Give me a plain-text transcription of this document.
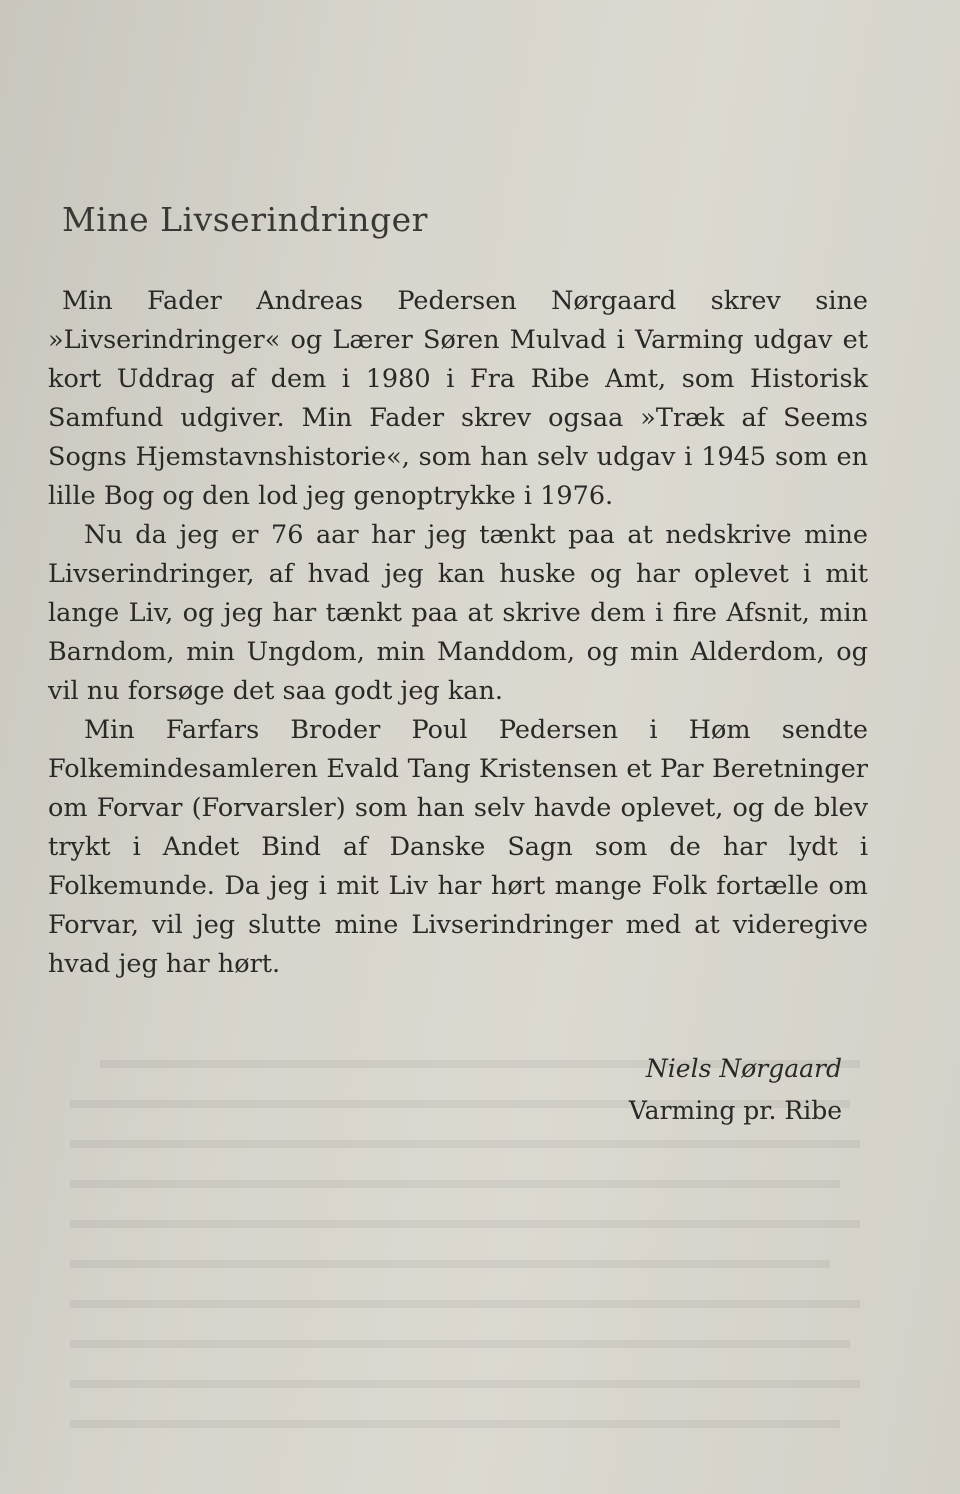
Mine Livserindringer

Min Fader Andreas Pedersen Nørgaard skrev sine »Livserindringer« og Lærer Søren Mulvad i Varming udgav et kort Uddrag af dem i 1980 i Fra Ribe Amt, som Historisk Samfund udgiver. Min Fader skrev ogsaa »Træk af Seems Sogns Hjemstavnshistorie«, som han selv udgav i 1945 som en lille Bog og den lod jeg genoptrykke i 1976.

Nu da jeg er 76 aar har jeg tænkt paa at nedskrive mine Livserindringer, af hvad jeg kan huske og har oplevet i mit lange Liv, og jeg har tænkt paa at skrive dem i fire Afsnit, min Barndom, min Ungdom, min Manddom, og min Alderdom, og vil nu forsøge det saa godt jeg kan.

Min Farfars Broder Poul Pedersen i Høm sendte Folkemindesamleren Evald Tang Kristensen et Par Beretninger om Forvar (Forvarsler) som han selv havde oplevet, og de blev trykt i Andet Bind af Danske Sagn som de har lydt i Folkemunde. Da jeg i mit Liv har hørt mange Folk fortælle om Forvar, vil jeg slutte mine Livserindringer med at videregive hvad jeg har hørt.

Niels Nørgaard
Varming pr. Ribe
